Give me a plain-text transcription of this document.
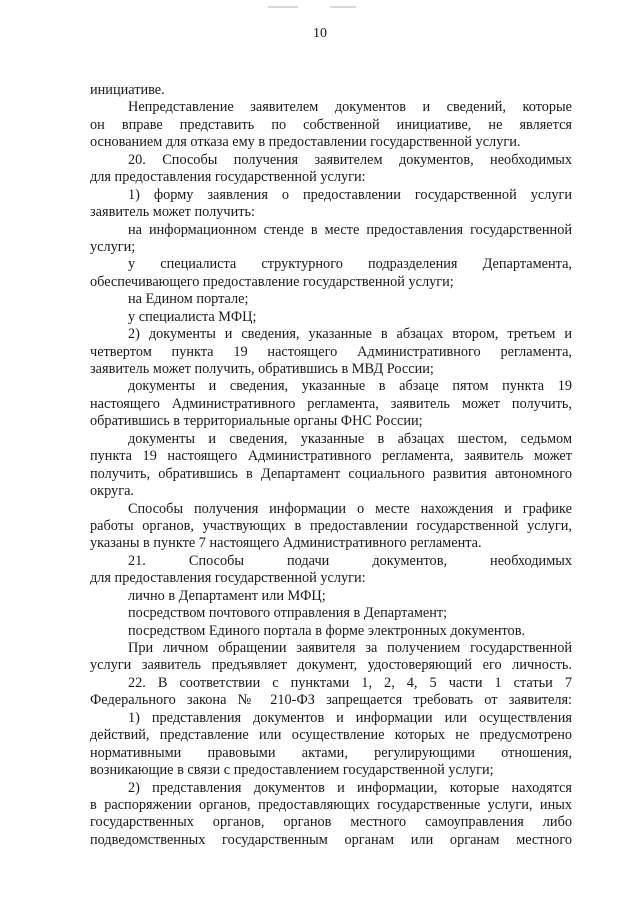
10
инициативе.
Непредставление заявителем документов и сведений, которые
он вправе представить по собственной инициативе, не является
основанием для отказа ему в предоставлении государственной услуги.
20. Способы получения заявителем документов, необходимых
для предоставления государственной услуги:
1) форму заявления о предоставлении государственной услуги
заявитель может получить:
на информационном стенде в месте предоставления государственной
услуги;
у специалиста структурного подразделения Департамента,
обеспечивающего предоставление государственной услуги;
на Едином портале;
у специалиста МФЦ;
2) документы и сведения, указанные в абзацах втором, третьем и
четвертом пункта 19 настоящего Административного регламента,
заявитель может получить, обратившись в МВД России;
документы и сведения, указанные в абзаце пятом пункта 19
настоящего Административного регламента, заявитель может получить,
обратившись в территориальные органы ФНС России;
документы и сведения, указанные в абзацах шестом, седьмом
пункта 19 настоящего Административного регламента, заявитель может
получить, обратившись в Департамент социального развития автономного
округа.
Способы получения информации о месте нахождения и графике
работы органов, участвующих в предоставлении государственной услуги,
указаны в пункте 7 настоящего Административного регламента.
21. Способы подачи документов, необходимых
для предоставления государственной услуги:
лично в Департамент или МФЦ;
посредством почтового отправления в Департамент;
посредством Единого портала в форме электронных документов.
При личном обращении заявителя за получением государственной
услуги заявитель предъявляет документ, удостоверяющий его личность.
22. В соответствии с пунктами 1, 2, 4, 5 части 1 статьи 7
Федерального закона № 210-ФЗ запрещается требовать от заявителя:
1) представления документов и информации или осуществления
действий, представление или осуществление которых не предусмотрено
нормативными правовыми актами, регулирующими отношения,
возникающие в связи с предоставлением государственной услуги;
2) представления документов и информации, которые находятся
в распоряжении органов, предоставляющих государственные услуги, иных
государственных органов, органов местного самоуправления либо
подведомственных государственным органам или органам местного
